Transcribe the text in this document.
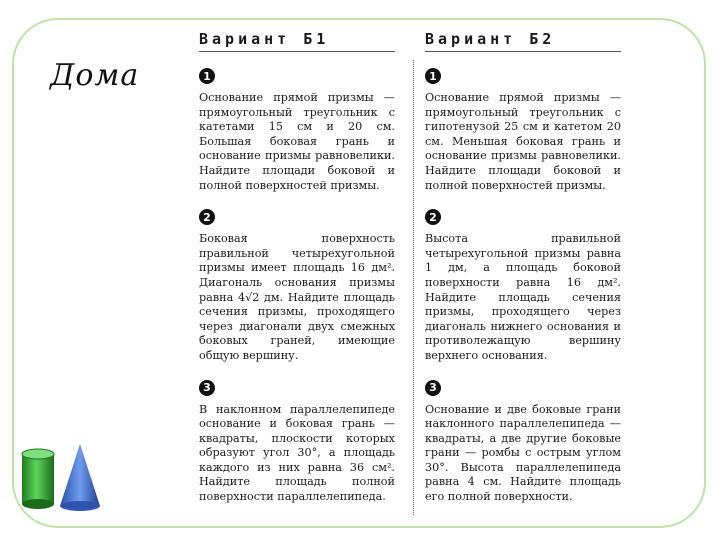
Дома

Вариант Б1

1

Основание прямой призмы — прямоугольный треугольник с катетами 15 см и 20 см. Большая боковая грань и основание призмы равновелики. Найдите площади боковой и полной поверхностей призмы.

2

Боковая поверхность правильной четырехугольной призмы имеет площадь 16 дм². Диагональ основания призмы равна 4√2 дм. Найдите площадь сечения призмы, проходящего через диагонали двух смежных боковых граней, имеющие общую вершину.

3

В наклонном параллелепипеде основание и боковая грань — квадраты, плоскости которых образуют угол 30°, а площадь каждого из них равна 36 см². Найдите площадь полной поверхности параллелепипеда.

Вариант Б2

1

Основание прямой призмы — прямоугольный треугольник с гипотенузой 25 см и катетом 20 см. Меньшая боковая грань и основание призмы равновелики. Найдите площади боковой и полной поверхностей призмы.

2

Высота правильной четырехугольной призмы равна 1 дм, а площадь боковой поверхности равна 16 дм². Найдите площадь сечения призмы, проходящего через диагональ нижнего основания и противолежащую вершину верхнего основания.

3

Основание и две боковые грани наклонного параллелепипеда — квадраты, а две другие боковые грани — ромбы с острым углом 30°. Высота параллелепипеда равна 4 см. Найдите площадь его полной поверхности.
